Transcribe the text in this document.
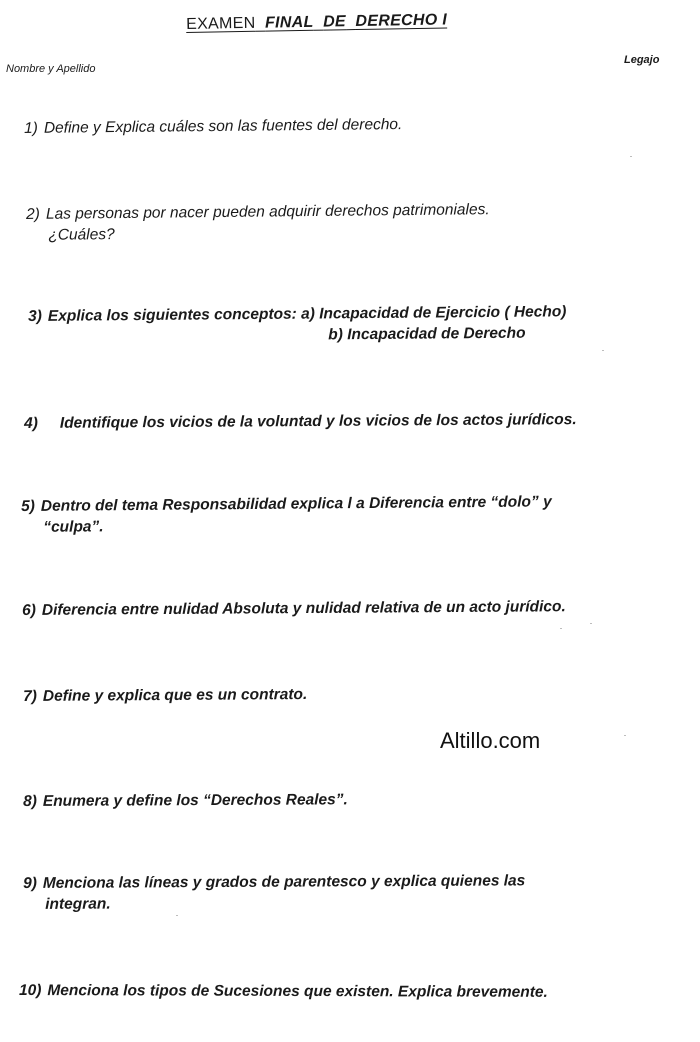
EXAMEN FINAL DE DERECHO I
Nombre y Apellido
Legajo
1) Define y Explica cuáles son las fuentes del derecho.
2) Las personas por nacer pueden adquirir derechos patrimoniales.
¿Cuáles?
3) Explica los siguientes conceptos: a) Incapacidad de Ejercicio ( Hecho)
b) Incapacidad de Derecho
4) Identifique los vicios de la voluntad y los vicios de los actos jurídicos.
5) Dentro del tema Responsabilidad explica l a Diferencia entre “dolo” y
“culpa”.
6) Diferencia entre nulidad Absoluta y nulidad relativa de un acto jurídico.
7) Define y explica que es un contrato.
Altillo.com
8) Enumera y define los “Derechos Reales”.
9) Menciona las líneas y grados de parentesco y explica quienes las
integran.
10) Menciona los tipos de Sucesiones que existen. Explica brevemente.
